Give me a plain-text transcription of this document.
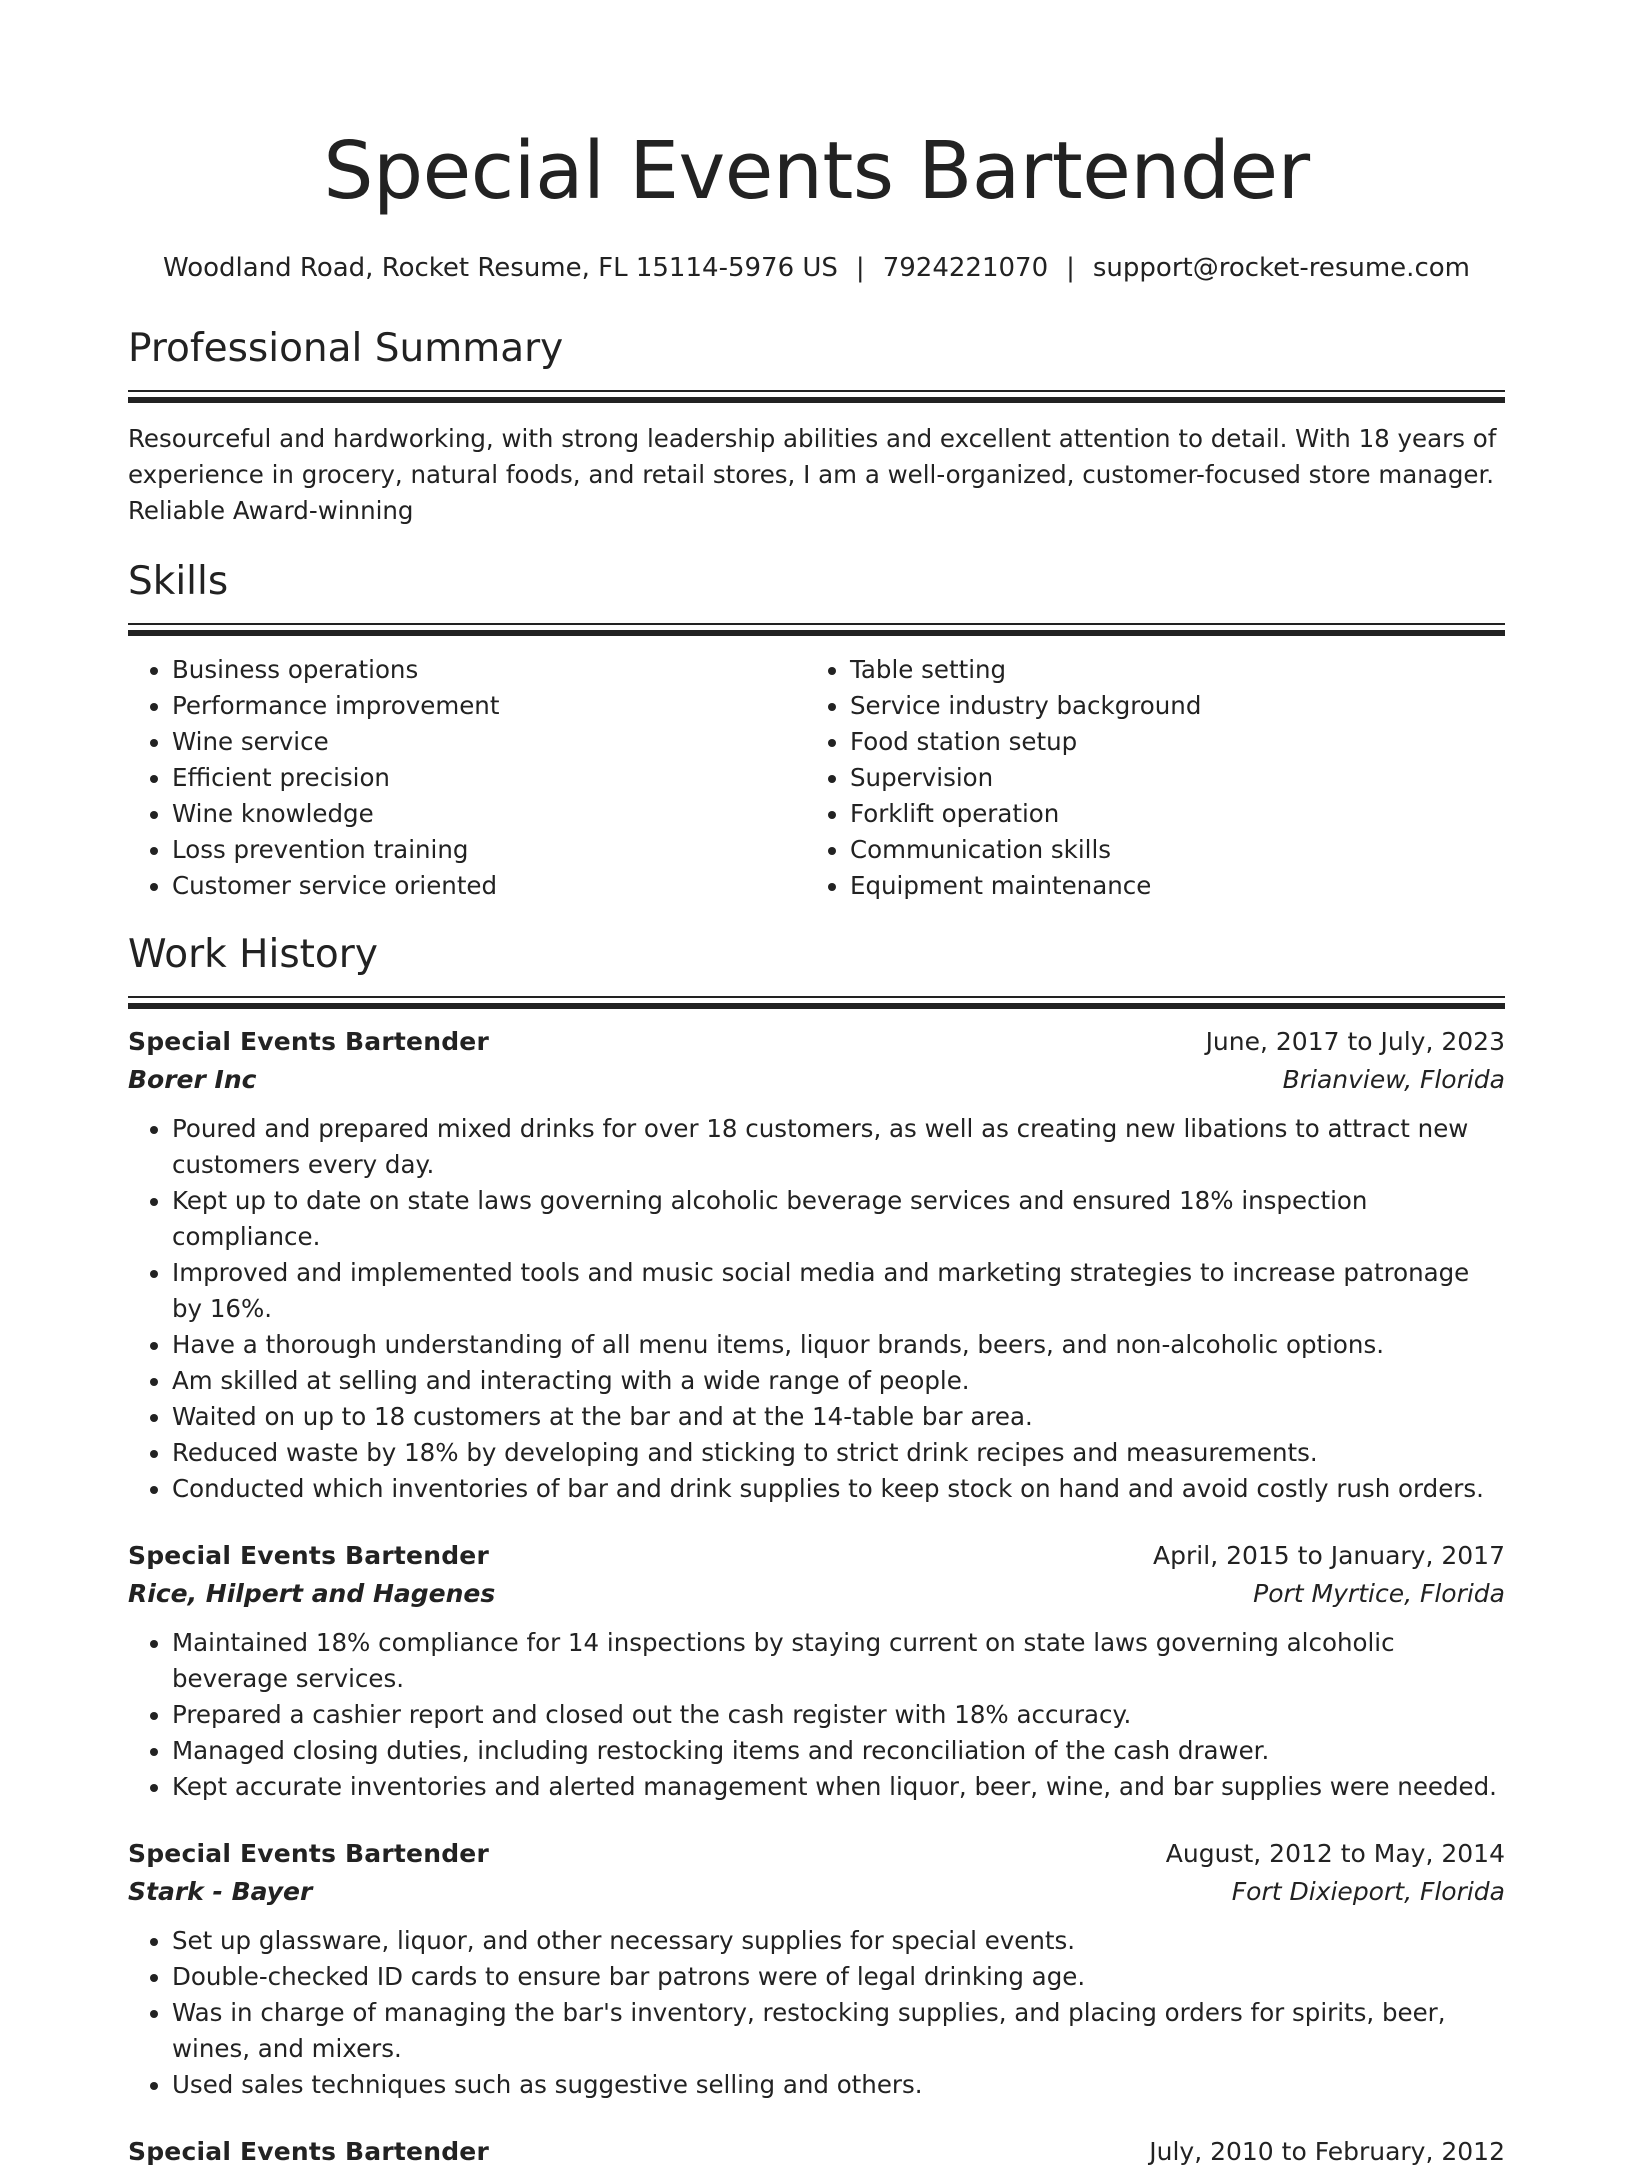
Special Events Bartender
Woodland Road, Rocket Resume, FL 15114-5976 US | 7924221070 | support@rocket-resume.com
Professional Summary
Resourceful and hardworking, with strong leadership abilities and excellent attention to detail. With 18 years of experience in grocery, natural foods, and retail stores, I am a well-organized, customer-focused store manager. Reliable Award-winning
Skills
• Business operations
• Performance improvement
• Wine service
• Efficient precision
• Wine knowledge
• Loss prevention training
• Customer service oriented
• Table setting
• Service industry background
• Food station setup
• Supervision
• Forklift operation
• Communication skills
• Equipment maintenance
Work History
Special Events Bartender	June, 2017 to July, 2023
Borer Inc	Brianview, Florida
• Poured and prepared mixed drinks for over 18 customers, as well as creating new libations to attract new customers every day.
• Kept up to date on state laws governing alcoholic beverage services and ensured 18% inspection compliance.
• Improved and implemented tools and music social media and marketing strategies to increase patronage by 16%.
• Have a thorough understanding of all menu items, liquor brands, beers, and non-alcoholic options.
• Am skilled at selling and interacting with a wide range of people.
• Waited on up to 18 customers at the bar and at the 14-table bar area.
• Reduced waste by 18% by developing and sticking to strict drink recipes and measurements.
• Conducted which inventories of bar and drink supplies to keep stock on hand and avoid costly rush orders.
Special Events Bartender	April, 2015 to January, 2017
Rice, Hilpert and Hagenes	Port Myrtice, Florida
• Maintained 18% compliance for 14 inspections by staying current on state laws governing alcoholic beverage services.
• Prepared a cashier report and closed out the cash register with 18% accuracy.
• Managed closing duties, including restocking items and reconciliation of the cash drawer.
• Kept accurate inventories and alerted management when liquor, beer, wine, and bar supplies were needed.
Special Events Bartender	August, 2012 to May, 2014
Stark - Bayer	Fort Dixieport, Florida
• Set up glassware, liquor, and other necessary supplies for special events.
• Double-checked ID cards to ensure bar patrons were of legal drinking age.
• Was in charge of managing the bar's inventory, restocking supplies, and placing orders for spirits, beer, wines, and mixers.
• Used sales techniques such as suggestive selling and others.
Special Events Bartender	July, 2010 to February, 2012
